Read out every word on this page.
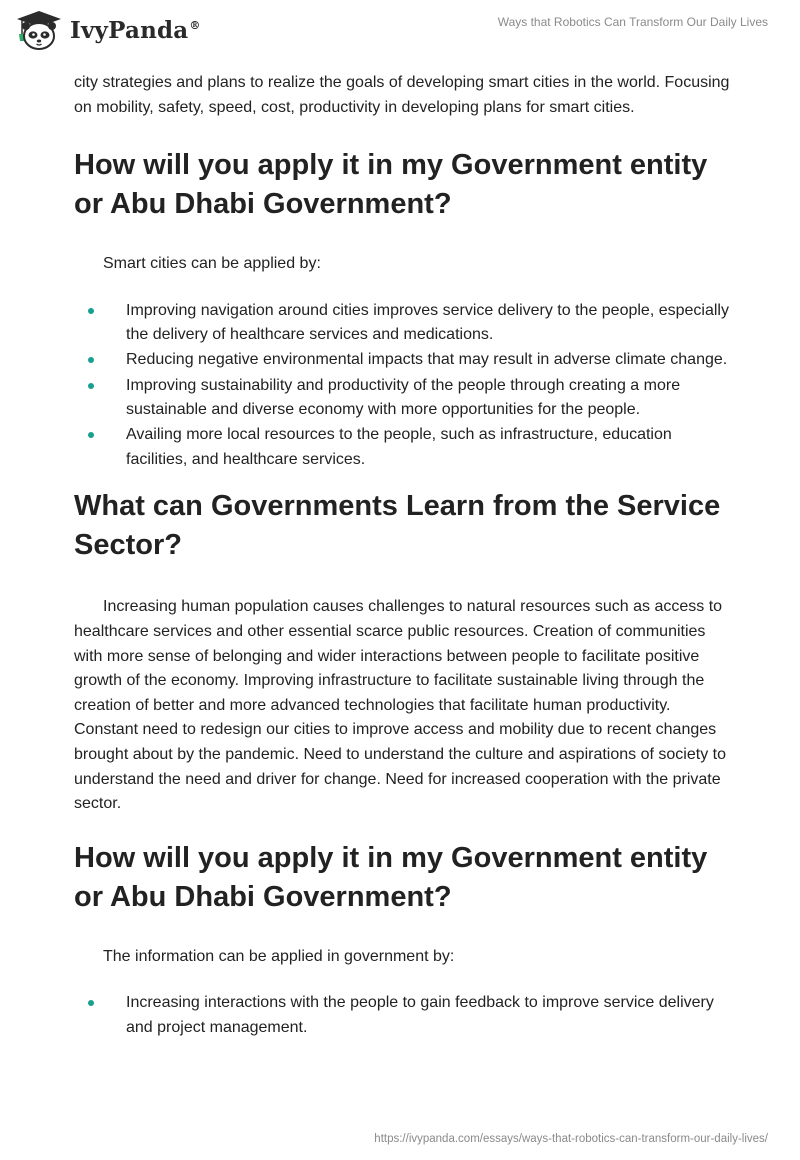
IvyPanda®	Ways that Robotics Can Transform Our Daily Lives

city strategies and plans to realize the goals of developing smart cities in the world. Focusing on mobility, safety, speed, cost, productivity in developing plans for smart cities.

How will you apply it in my Government entity or Abu Dhabi Government?

Smart cities can be applied by:

Improving navigation around cities improves service delivery to the people, especially the delivery of healthcare services and medications.
Reducing negative environmental impacts that may result in adverse climate change.
Improving sustainability and productivity of the people through creating a more sustainable and diverse economy with more opportunities for the people.
Availing more local resources to the people, such as infrastructure, education facilities, and healthcare services.
What can Governments Learn from the Service Sector?

Increasing human population causes challenges to natural resources such as access to healthcare services and other essential scarce public resources. Creation of communities with more sense of belonging and wider interactions between people to facilitate positive growth of the economy. Improving infrastructure to facilitate sustainable living through the creation of better and more advanced technologies that facilitate human productivity. Constant need to redesign our cities to improve access and mobility due to recent changes brought about by the pandemic. Need to understand the culture and aspirations of society to understand the need and driver for change. Need for increased cooperation with the private sector.

How will you apply it in my Government entity or Abu Dhabi Government?

The information can be applied in government by:

Increasing interactions with the people to gain feedback to improve service delivery and project management.
https://ivypanda.com/essays/ways-that-robotics-can-transform-our-daily-lives/
